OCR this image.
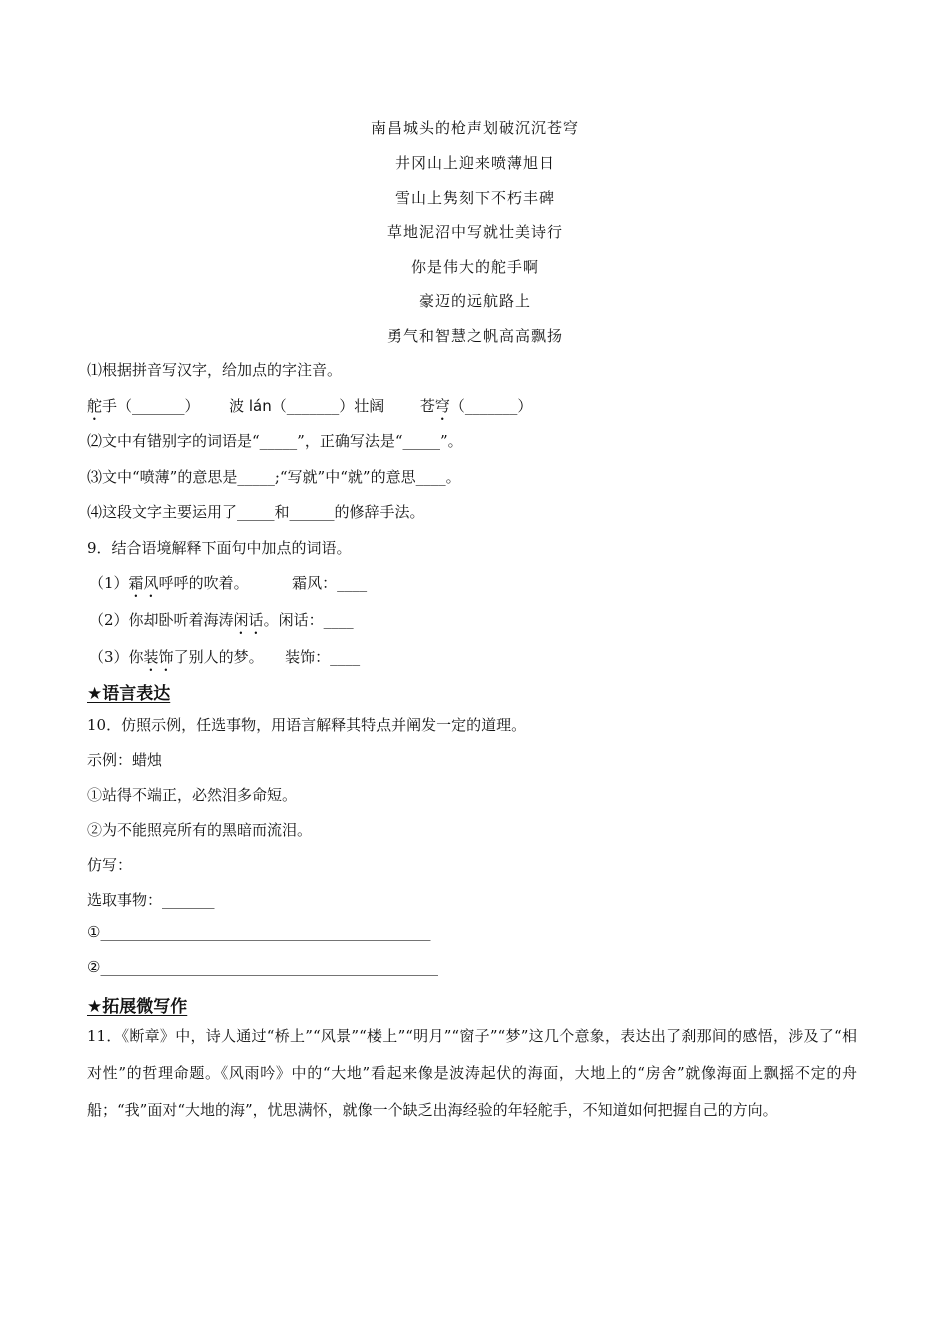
南昌城头的枪声划破沉沉苍穹
井冈山上迎来喷薄旭日
雪山上隽刻下不朽丰碑
草地泥沼中写就壮美诗行
你是伟大的舵手啊
豪迈的远航路上
勇气和智慧之帆高高飘扬
⑴根据拼音写汉字，给加点的字注音。
舵手（_______） 波 lán（_______）壮阔 苍穹（_______）
⑵文中有错别字的词语是“_____”，正确写法是“_____”。
⑶文中“喷薄”的意思是_____;“写就”中“就”的意思____。
⑷这段文字主要运用了_____和______的修辞手法。
9．结合语境解释下面句中加点的词语。
（1）霜风呼呼的吹着。	霜风：____
（2）你却卧听着海涛闲话。闲话：____
（3）你装饰了别人的梦。 装饰：____
★语言表达
10．仿照示例，任选事物，用语言解释其特点并阐发一定的道理。
示例：蜡烛
①站得不端正，必然泪多命短。
②为不能照亮所有的黑暗而流泪。
仿写：
选取事物：_______
①____________________________________________
②_____________________________________________
★拓展微写作
11．《断章》中，诗人通过“桥上”“风景”“楼上”“明月”“窗子”“梦”这几个意象，表达出了刹那间的感悟，涉及了“相对性”的哲理命题。《风雨吟》中的“大地”看起来像是波涛起伏的海面，大地上的“房舍”就像海面上飘摇不定的舟船；“我”面对“大地的海”，忧思满怀，就像一个缺乏出海经验的年轻舵手，不知道如何把握自己的方向。
